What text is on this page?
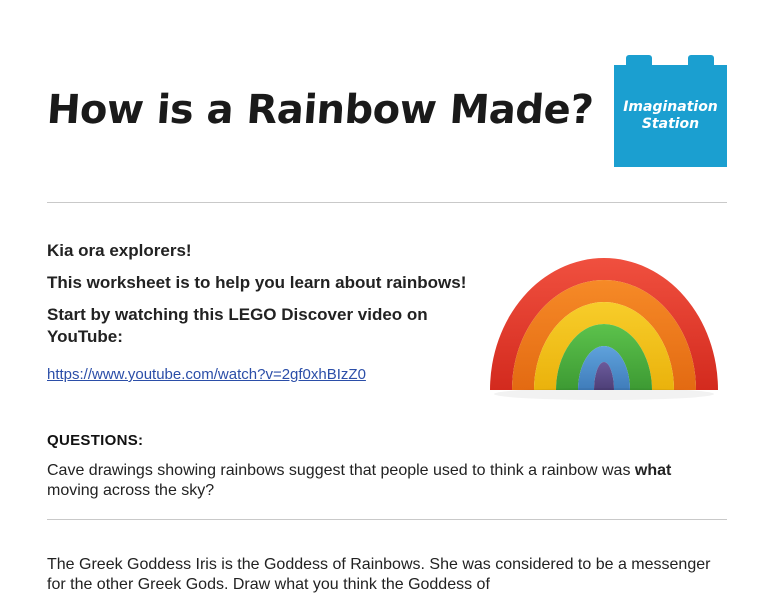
How is a Rainbow Made? Imagination
Station

Kia ora explorers!

This worksheet is to help you learn about rainbows!

Start by watching this LEGO Discover video on YouTube:

https://www.youtube.com/watch?v=2gf0xhBIzZ0
QUESTIONS:
Cave drawings showing rainbows suggest that people used to think a rainbow was what moving across the sky?
The Greek Goddess Iris is the Goddess of Rainbows. She was considered to be a messenger for the other Greek Gods. Draw what you think the Goddess of
